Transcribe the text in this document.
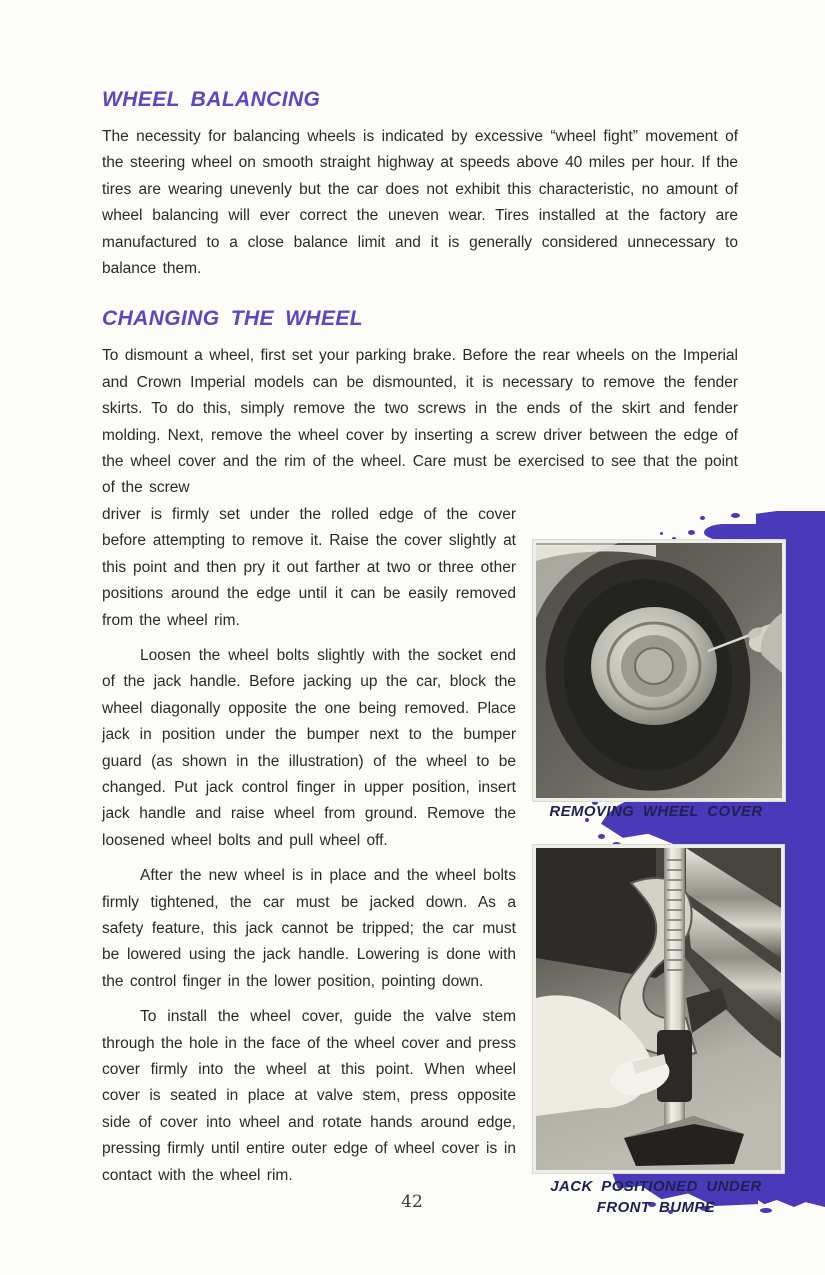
WHEEL BALANCING

The necessity for balancing wheels is indicated by excessive “wheel fight” movement of the steering wheel on smooth straight highway at speeds above 40 miles per hour. If the tires are wearing unevenly but the car does not exhibit this characteristic, no amount of wheel balancing will ever correct the uneven wear. Tires installed at the factory are manufactured to a close balance limit and it is generally considered unnecessary to balance them.

CHANGING THE WHEEL

To dismount a wheel, first set your parking brake. Before the rear wheels on the Imperial and Crown Imperial models can be dismounted, it is necessary to remove the fender skirts. To do this, simply remove the two screws in the ends of the skirt and fender molding. Next, remove the wheel cover by inserting a screw driver between the edge of the wheel cover and the rim of the wheel. Care must be exercised to see that the point of the screw

driver is firmly set under the rolled edge of the cover before attempting to remove it. Raise the cover slightly at this point and then pry it out farther at two or three other positions around the edge until it can be easily removed from the wheel rim.

Loosen the wheel bolts slightly with the socket end of the jack handle. Before jacking up the car, block the wheel diagonally opposite the one being removed. Place jack in position under the bumper next to the bumper guard (as shown in the illustration) of the wheel to be changed. Put jack control finger in upper position, insert jack handle and raise wheel from ground. Remove the loosened wheel bolts and pull wheel off.

After the new wheel is in place and the wheel bolts firmly tightened, the car must be jacked down. As a safety feature, this jack cannot be tripped; the car must be lowered using the jack handle. Lowering is done with the control finger in the lower position, pointing down.

To install the wheel cover, guide the valve stem through the hole in the face of the wheel cover and press cover firmly into the wheel at this point. When wheel cover is seated in place at valve stem, press opposite side of cover into wheel and rotate hands around edge, pressing firmly until entire outer edge of wheel cover is in contact with the wheel rim.

REMOVING WHEEL COVER
JACK POSITIONED UNDER
FRONT BUMPE
42
